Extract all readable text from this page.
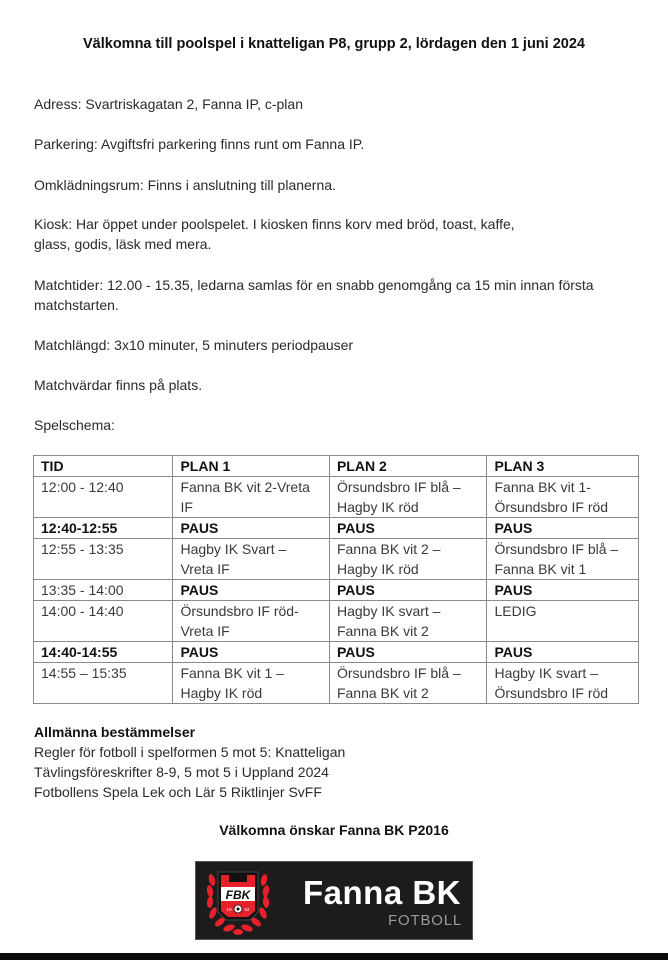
Välkomna till poolspel i knatteligan P8, grupp 2, lördagen den 1 juni 2024
Adress: Svartriskagatan 2, Fanna IP, c-plan
Parkering: Avgiftsfri parkering finns runt om Fanna IP.
Omklädningsrum: Finns i anslutning till planerna.
Kiosk: Har öppet under poolspelet. I kiosken finns korv med bröd, toast, kaffe,
glass, godis, läsk med mera.
Matchtider: 12.00 - 15.35, ledarna samlas för en snabb genomgång ca 15 min innan första
matchstarten.
Matchlängd: 3x10 minuter, 5 minuters periodpauser
Matchvärdar finns på plats.
Spelschema:
TID	PLAN 1	PLAN 2	PLAN 3
12:00 - 12:40	Fanna BK vit 2-Vreta IF	Örsundsbro IF blå – Hagby IK röd	Fanna BK vit 1- Örsundsbro IF röd
12:40-12:55	PAUS	PAUS	PAUS
12:55 - 13:35	Hagby IK Svart – Vreta IF	Fanna BK vit 2 – Hagby IK röd	Örsundsbro IF blå – Fanna BK vit 1
13:35 - 14:00	PAUS	PAUS	PAUS
14:00 - 14:40	Örsundsbro IF röd- Vreta IF	Hagby IK svart – Fanna BK vit 2	LEDIG
14:40-14:55	PAUS	PAUS	PAUS
14:55 – 15:35	Fanna BK vit 1 – Hagby IK röd	Örsundsbro IF blå – Fanna BK vit 2	Hagby IK svart – Örsundsbro IF röd
Allmänna bestämmelser
Regler för fotboll i spelformen 5 mot 5: Knatteligan
Tävlingsföreskrifter 8-9, 5 mot 5 i Uppland 2024
Fotbollens Spela Lek och Lär 5 Riktlinjer SvFF
Välkomna önskar Fanna BK P2016
FBK
19	62 Fanna BK
FOTBOLL
